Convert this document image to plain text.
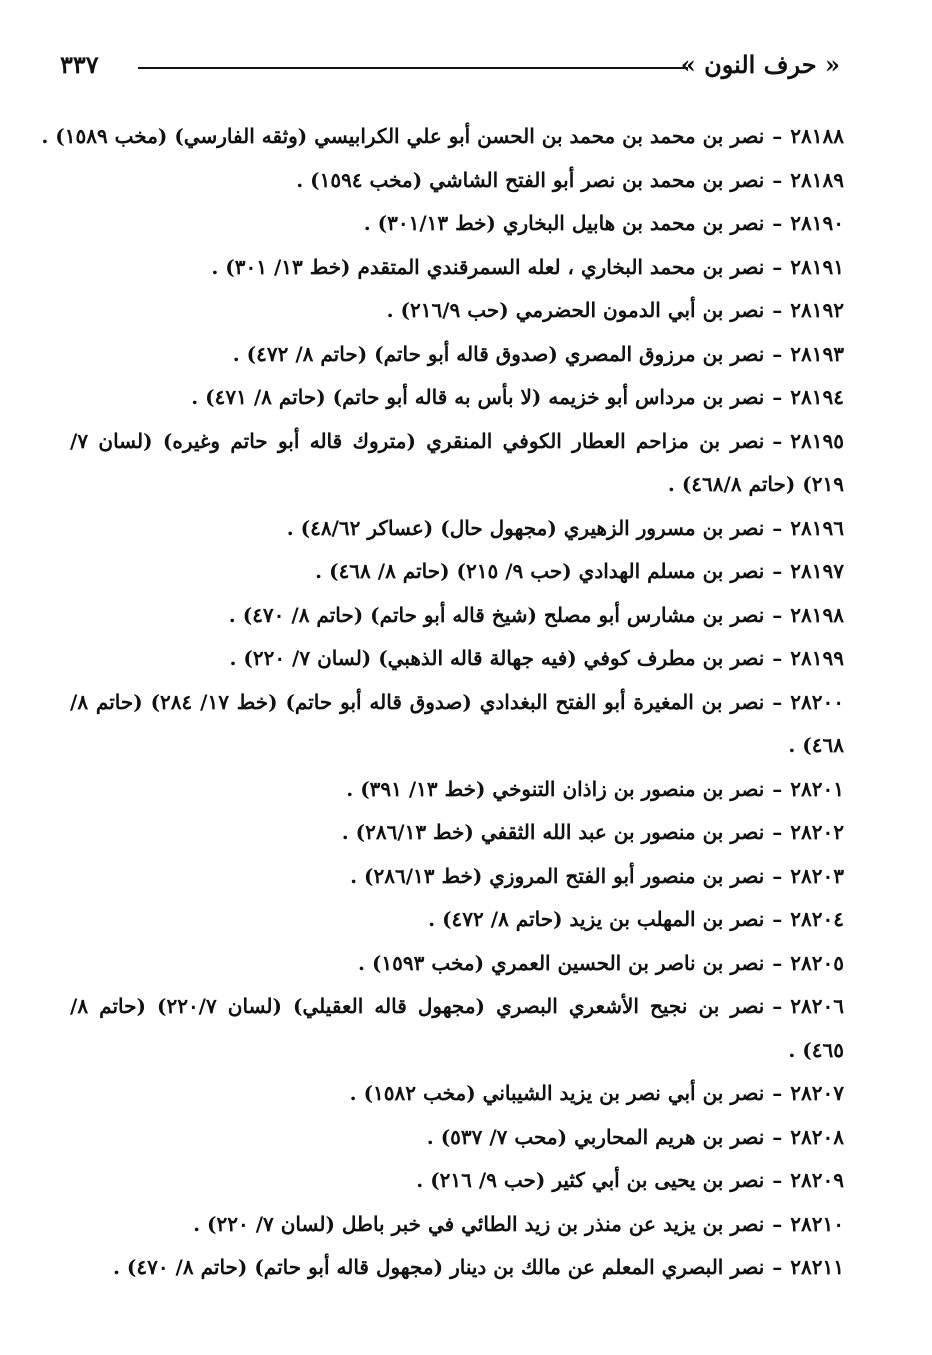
« حرف النون »
٣٣٧
٢٨١٨٨–نصر بن محمد بن محمد بن الحسن أبو علي الكرابيسي (وثقه الفارسي) (مخب ١٥٨٩) .
٢٨١٨٩–نصر بن محمد بن نصر أبو الفتح الشاشي (مخب ١٥٩٤) .
٢٨١٩٠–نصر بن محمد بن هابيل البخاري (خط ٣٠١/١٣) .
٢٨١٩١–نصر بن محمد البخاري ، لعله السمرقندي المتقدم (خط ١٣/ ٣٠١) .
٢٨١٩٢–نصر بن أبي الدمون الحضرمي (حب ٢١٦/٩) .
٢٨١٩٣–نصر بن مرزوق المصري (صدوق قاله أبو حاتم) (حاتم ٨/ ٤٧٢) .
٢٨١٩٤–نصر بن مرداس أبو خزيمه (لا بأس به قاله أبو حاتم) (حاتم ٨/ ٤٧١) .
٢٨١٩٥–نصر بن مزاحم العطار الكوفي المنقري (متروك قاله أبو حاتم وغيره) (لسان ٧/ ٢١٩) (حاتم ٤٦٨/٨) .
٢٨١٩٦–نصر بن مسرور الزهيري (مجهول حال) (عساكر ٤٨/٦٢) .
٢٨١٩٧–نصر بن مسلم الهدادي (حب ٩/ ٢١٥) (حاتم ٨/ ٤٦٨) .
٢٨١٩٨–نصر بن مشارس أبو مصلح (شيخ قاله أبو حاتم) (حاتم ٨/ ٤٧٠) .
٢٨١٩٩–نصر بن مطرف كوفي (فيه جهالة قاله الذهبي) (لسان ٧/ ٢٢٠) .
٢٨٢٠٠–نصر بن المغيرة أبو الفتح البغدادي (صدوق قاله أبو حاتم) (خط ١٧/ ٢٨٤) (حاتم ٨/ ٤٦٨) .
٢٨٢٠١–نصر بن منصور بن زاذان التنوخي (خط ١٣/ ٣٩١) .
٢٨٢٠٢–نصر بن منصور بن عبد الله الثقفي (خط ٢٨٦/١٣) .
٢٨٢٠٣–نصر بن منصور أبو الفتح المروزي (خط ٢٨٦/١٣) .
٢٨٢٠٤–نصر بن المهلب بن يزيد (حاتم ٨/ ٤٧٢) .
٢٨٢٠٥–نصر بن ناصر بن الحسين العمري (مخب ١٥٩٣) .
٢٨٢٠٦–نصر بن نجيح الأشعري البصري (مجهول قاله العقيلي) (لسان ٢٢٠/٧) (حاتم ٨/ ٤٦٥) .
٢٨٢٠٧–نصر بن أبي نصر بن يزيد الشيباني (مخب ١٥٨٢) .
٢٨٢٠٨–نصر بن هريم المحاربي (محب ٧/ ٥٣٧) .
٢٨٢٠٩–نصر بن يحيى بن أبي كثير (حب ٩/ ٢١٦) .
٢٨٢١٠–نصر بن يزيد عن منذر بن زيد الطائي في خبر باطل (لسان ٧/ ٢٢٠) .
٢٨٢١١–نصر البصري المعلم عن مالك بن دينار (مجهول قاله أبو حاتم) (حاتم ٨/ ٤٧٠) .
